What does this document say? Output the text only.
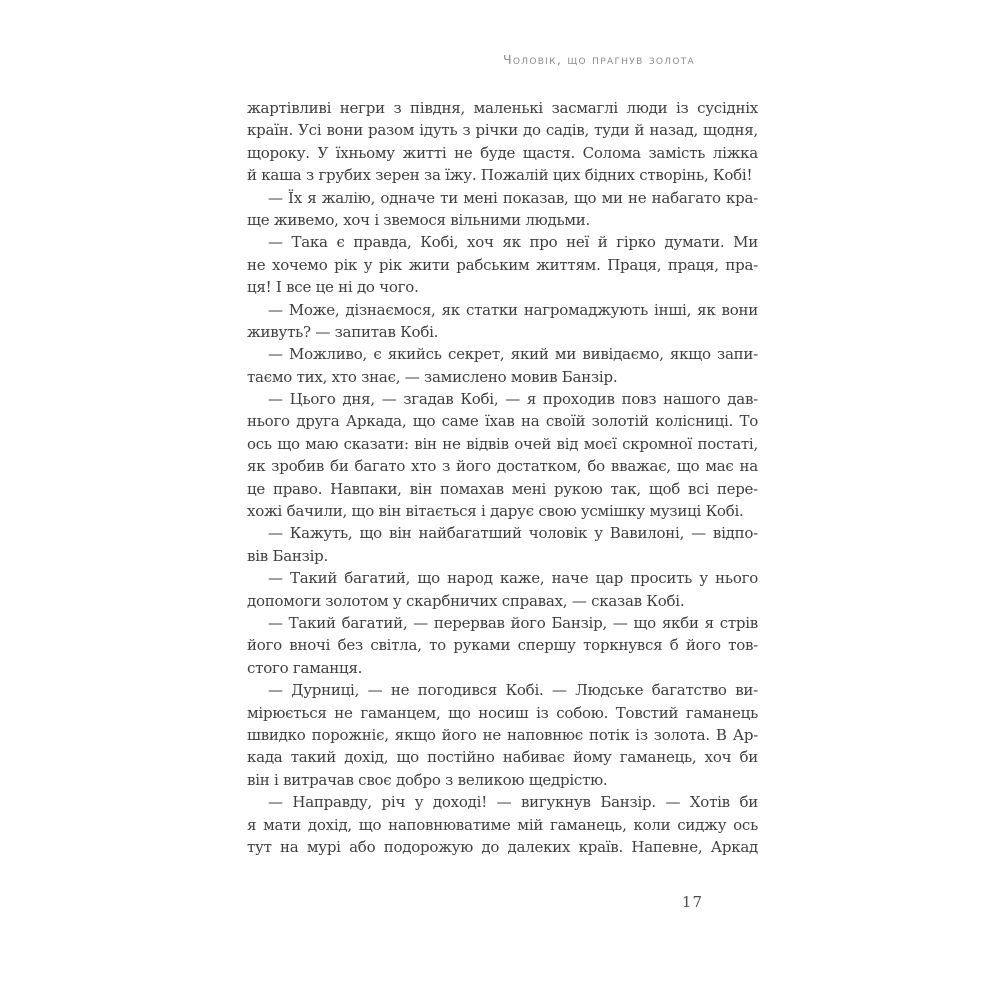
Чоловік, що прагнув золота
жартівливі негри з півдня, маленькі засмаглі люди із сусідніх
країн. Усі вони разом ідуть з річки до садів, туди й назад, щодня,
щороку. У їхньому житті не буде щастя. Солома замість ліжка
й каша з грубих зерен за їжу. Пожалій цих бідних створінь, Кобі!
— Їх я жалію, одначе ти мені показав, що ми не набагато кра-
ще живемо, хоч і звемося вільними людьми.
— Така є правда, Кобі, хоч як про неї й гірко думати. Ми
не хочемо рік у рік жити рабським життям. Праця, праця, пра-
ця! І все це ні до чого.
— Може, дізнаємося, як статки нагромаджують інші, як вони
живуть? — запитав Кобі.
— Можливо, є якийсь секрет, який ми вивідаємо, якщо запи-
таємо тих, хто знає, — замислено мовив Банзір.
— Цього дня, — згадав Кобі, — я проходив повз нашого дав-
нього друга Аркада, що саме їхав на своїй золотій колісниці. То
ось що маю сказати: він не відвів очей від моєї скромної постаті,
як зробив би багато хто з його достатком, бо вважає, що має на
це право. Навпаки, він помахав мені рукою так, щоб всі пере-
хожі бачили, що він вітається і дарує свою усмішку музиці Кобі.
— Кажуть, що він найбагатший чоловік у Вавилоні, — відпо-
вів Банзір.
— Такий багатий, що народ каже, наче цар просить у нього
допомоги золотом у скарбничих справах, — сказав Кобі.
— Такий багатий, — перервав його Банзір, — що якби я стрів
його вночі без світла, то руками спершу торкнувся б його тов-
стого гаманця.
— Дурниці, — не погодився Кобі. — Людське багатство ви-
мірюється не гаманцем, що носиш із собою. Товстий гаманець
швидко порожніє, якщо його не наповнює потік із золота. В Ар-
када такий дохід, що постійно набиває йому гаманець, хоч би
він і витрачав своє добро з великою щедрістю.
— Направду, річ у доході! — вигукнув Банзір. — Хотів би
я мати дохід, що наповнюватиме мій гаманець, коли сиджу ось
тут на мурі або подорожую до далеких країв. Напевне, Аркад
17
